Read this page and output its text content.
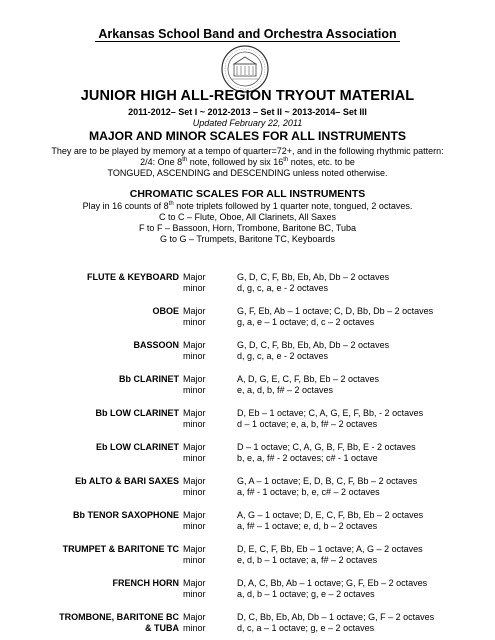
Arkansas School Band and Orchestra Association
JUNIOR HIGH ALL-REGION TRYOUT MATERIAL
2011-2012– Set I ~ 2012-2013 – Set II ~ 2013-2014– Set III
Updated February 22, 2011
MAJOR AND MINOR SCALES FOR ALL INSTRUMENTS
They are to be played by memory at a tempo of quarter=72+, and in the following rhythmic pattern:
2/4: One 8th note, followed by six 16th notes, etc. to be
TONGUED, ASCENDING and DESCENDING unless noted otherwise.
CHROMATIC SCALES FOR ALL INSTRUMENTS
Play in 16 counts of 8th note triplets followed by 1 quarter note, tongued, 2 octaves.
C to C – Flute, Oboe, All Clarinets, All Saxes
F to F – Bassoon, Horn, Trombone, Baritone BC, Tuba
G to G – Trumpets, Baritone TC, Keyboards
FLUTE & KEYBOARD Major	G, D, C, F, Bb, Eb, Ab, Db – 2 octaves
minor	d, g, c, a, e - 2 octaves
OBOE Major	G, F, Eb, Ab – 1 octave; C, D, Bb, Db – 2 octaves
minor	g, a, e – 1 octave; d, c – 2 octaves
BASSOON Major	G, D, C, F, Bb, Eb, Ab, Db – 2 octaves
minor	d, g, c, a, e - 2 octaves
Bb CLARINET Major	A, D, G, E, C, F, Bb, Eb – 2 octaves
minor	e, a, d, b, f# – 2 octaves
Bb LOW CLARINET Major	D, Eb – 1 octave; C, A, G, E, F, Bb, - 2 octaves
minor	d – 1 octave; e, a, b, f# – 2 octaves
Eb LOW CLARINET Major	D – 1 octave; C, A, G, B, F, Bb, E - 2 octaves
minor	b, e, a, f# - 2 octaves; c# - 1 octave
Eb ALTO & BARI SAXES Major	G, A – 1 octave; E, D, B, C, F, Bb – 2 octaves
minor	a, f# - 1 octave; b, e, c# – 2 octaves
Bb TENOR SAXOPHONE Major	A, G – 1 octave; D, E, C, F, Bb, Eb – 2 octaves
minor	a, f# – 1 octave; e, d, b – 2 octaves
TRUMPET & BARITONE TC Major	D, E, C, F, Bb, Eb – 1 octave; A, G – 2 octaves
minor	e, d, b – 1 octave; a, f# – 2 octaves
FRENCH HORN Major	D, A, C, Bb, Ab – 1 octave; G, F, Eb – 2 octaves
minor	a, d, b – 1 octave; g, e – 2 octaves
TROMBONE, BARITONE BC Major	D, C, Bb, Eb, Ab, Db – 1 octave; G, F – 2 octaves
& TUBA minor	d, c, a – 1 octave; g, e – 2 octaves
